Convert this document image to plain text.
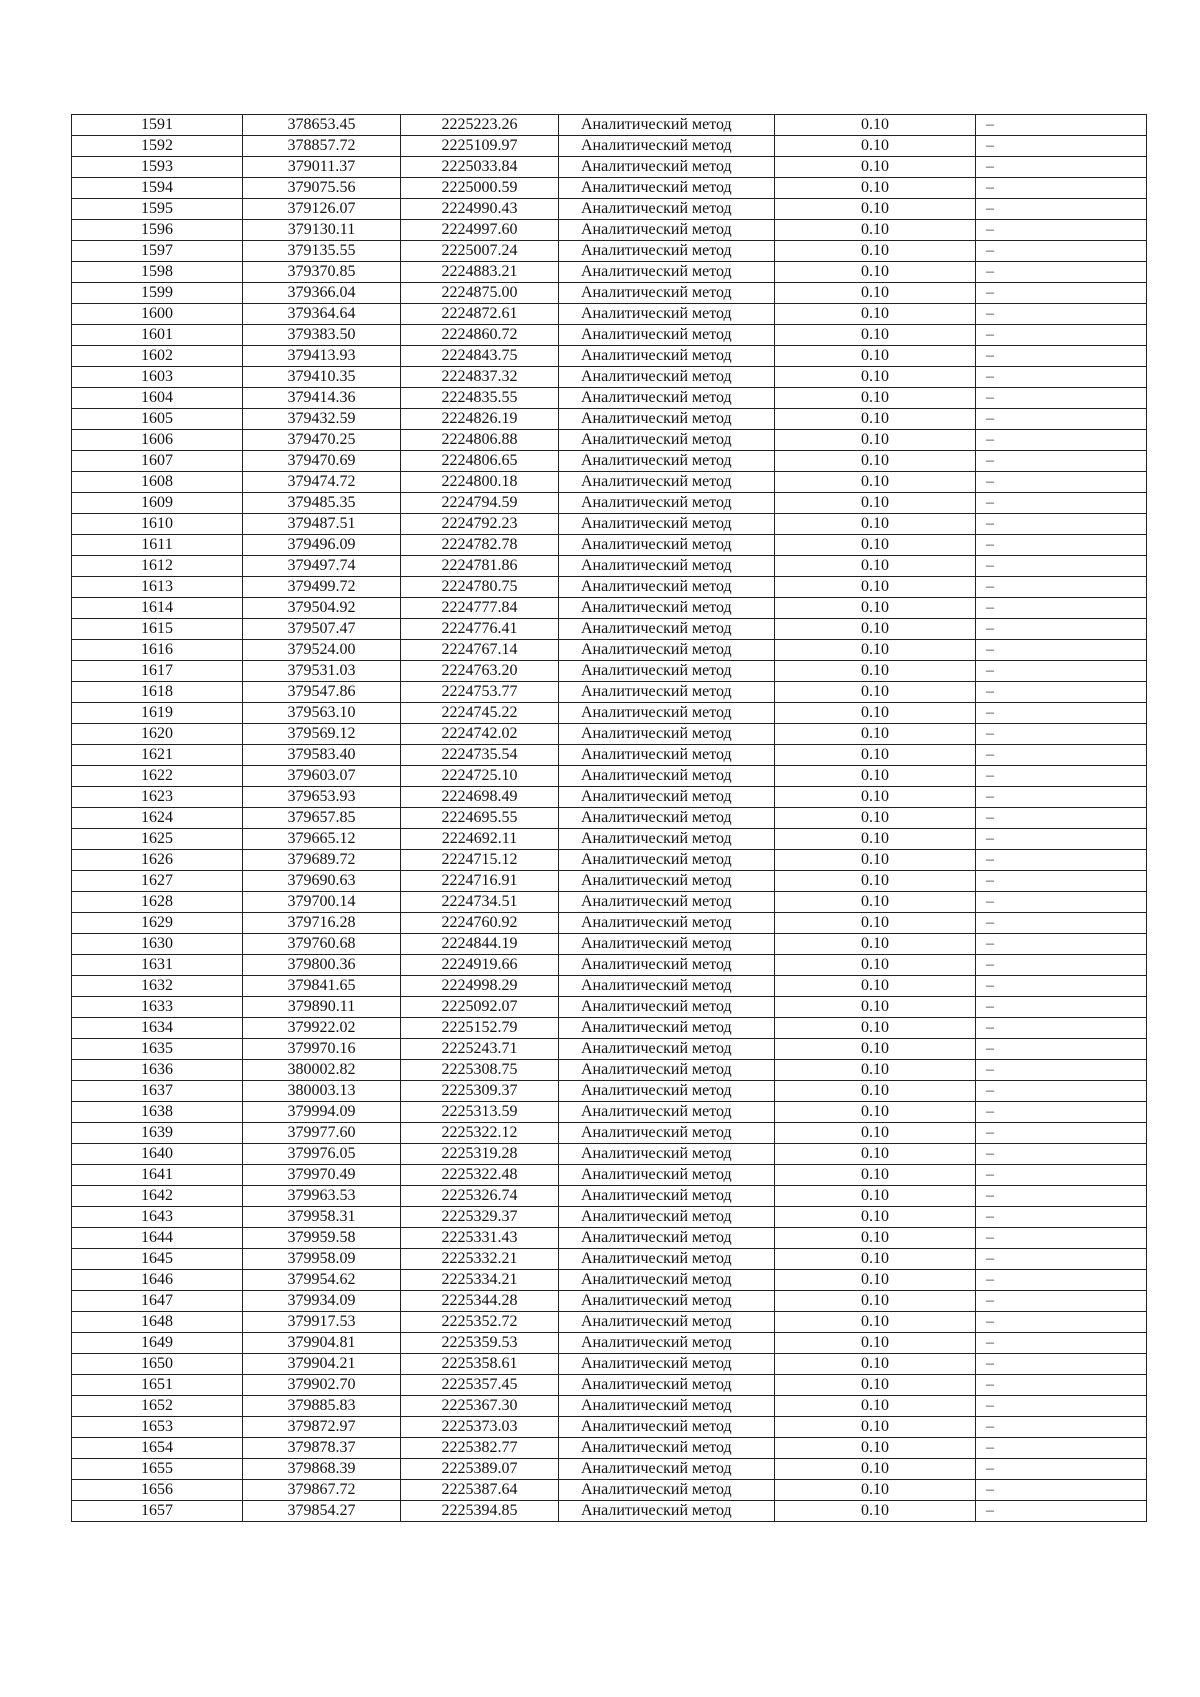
1591	378653.45	2225223.26	Аналитический метод	0.10	–
1592	378857.72	2225109.97	Аналитический метод	0.10	–
1593	379011.37	2225033.84	Аналитический метод	0.10	–
1594	379075.56	2225000.59	Аналитический метод	0.10	–
1595	379126.07	2224990.43	Аналитический метод	0.10	–
1596	379130.11	2224997.60	Аналитический метод	0.10	–
1597	379135.55	2225007.24	Аналитический метод	0.10	–
1598	379370.85	2224883.21	Аналитический метод	0.10	–
1599	379366.04	2224875.00	Аналитический метод	0.10	–
1600	379364.64	2224872.61	Аналитический метод	0.10	–
1601	379383.50	2224860.72	Аналитический метод	0.10	–
1602	379413.93	2224843.75	Аналитический метод	0.10	–
1603	379410.35	2224837.32	Аналитический метод	0.10	–
1604	379414.36	2224835.55	Аналитический метод	0.10	–
1605	379432.59	2224826.19	Аналитический метод	0.10	–
1606	379470.25	2224806.88	Аналитический метод	0.10	–
1607	379470.69	2224806.65	Аналитический метод	0.10	–
1608	379474.72	2224800.18	Аналитический метод	0.10	–
1609	379485.35	2224794.59	Аналитический метод	0.10	–
1610	379487.51	2224792.23	Аналитический метод	0.10	–
1611	379496.09	2224782.78	Аналитический метод	0.10	–
1612	379497.74	2224781.86	Аналитический метод	0.10	–
1613	379499.72	2224780.75	Аналитический метод	0.10	–
1614	379504.92	2224777.84	Аналитический метод	0.10	–
1615	379507.47	2224776.41	Аналитический метод	0.10	–
1616	379524.00	2224767.14	Аналитический метод	0.10	–
1617	379531.03	2224763.20	Аналитический метод	0.10	–
1618	379547.86	2224753.77	Аналитический метод	0.10	–
1619	379563.10	2224745.22	Аналитический метод	0.10	–
1620	379569.12	2224742.02	Аналитический метод	0.10	–
1621	379583.40	2224735.54	Аналитический метод	0.10	–
1622	379603.07	2224725.10	Аналитический метод	0.10	–
1623	379653.93	2224698.49	Аналитический метод	0.10	–
1624	379657.85	2224695.55	Аналитический метод	0.10	–
1625	379665.12	2224692.11	Аналитический метод	0.10	–
1626	379689.72	2224715.12	Аналитический метод	0.10	–
1627	379690.63	2224716.91	Аналитический метод	0.10	–
1628	379700.14	2224734.51	Аналитический метод	0.10	–
1629	379716.28	2224760.92	Аналитический метод	0.10	–
1630	379760.68	2224844.19	Аналитический метод	0.10	–
1631	379800.36	2224919.66	Аналитический метод	0.10	–
1632	379841.65	2224998.29	Аналитический метод	0.10	–
1633	379890.11	2225092.07	Аналитический метод	0.10	–
1634	379922.02	2225152.79	Аналитический метод	0.10	–
1635	379970.16	2225243.71	Аналитический метод	0.10	–
1636	380002.82	2225308.75	Аналитический метод	0.10	–
1637	380003.13	2225309.37	Аналитический метод	0.10	–
1638	379994.09	2225313.59	Аналитический метод	0.10	–
1639	379977.60	2225322.12	Аналитический метод	0.10	–
1640	379976.05	2225319.28	Аналитический метод	0.10	–
1641	379970.49	2225322.48	Аналитический метод	0.10	–
1642	379963.53	2225326.74	Аналитический метод	0.10	–
1643	379958.31	2225329.37	Аналитический метод	0.10	–
1644	379959.58	2225331.43	Аналитический метод	0.10	–
1645	379958.09	2225332.21	Аналитический метод	0.10	–
1646	379954.62	2225334.21	Аналитический метод	0.10	–
1647	379934.09	2225344.28	Аналитический метод	0.10	–
1648	379917.53	2225352.72	Аналитический метод	0.10	–
1649	379904.81	2225359.53	Аналитический метод	0.10	–
1650	379904.21	2225358.61	Аналитический метод	0.10	–
1651	379902.70	2225357.45	Аналитический метод	0.10	–
1652	379885.83	2225367.30	Аналитический метод	0.10	–
1653	379872.97	2225373.03	Аналитический метод	0.10	–
1654	379878.37	2225382.77	Аналитический метод	0.10	–
1655	379868.39	2225389.07	Аналитический метод	0.10	–
1656	379867.72	2225387.64	Аналитический метод	0.10	–
1657	379854.27	2225394.85	Аналитический метод	0.10	–
